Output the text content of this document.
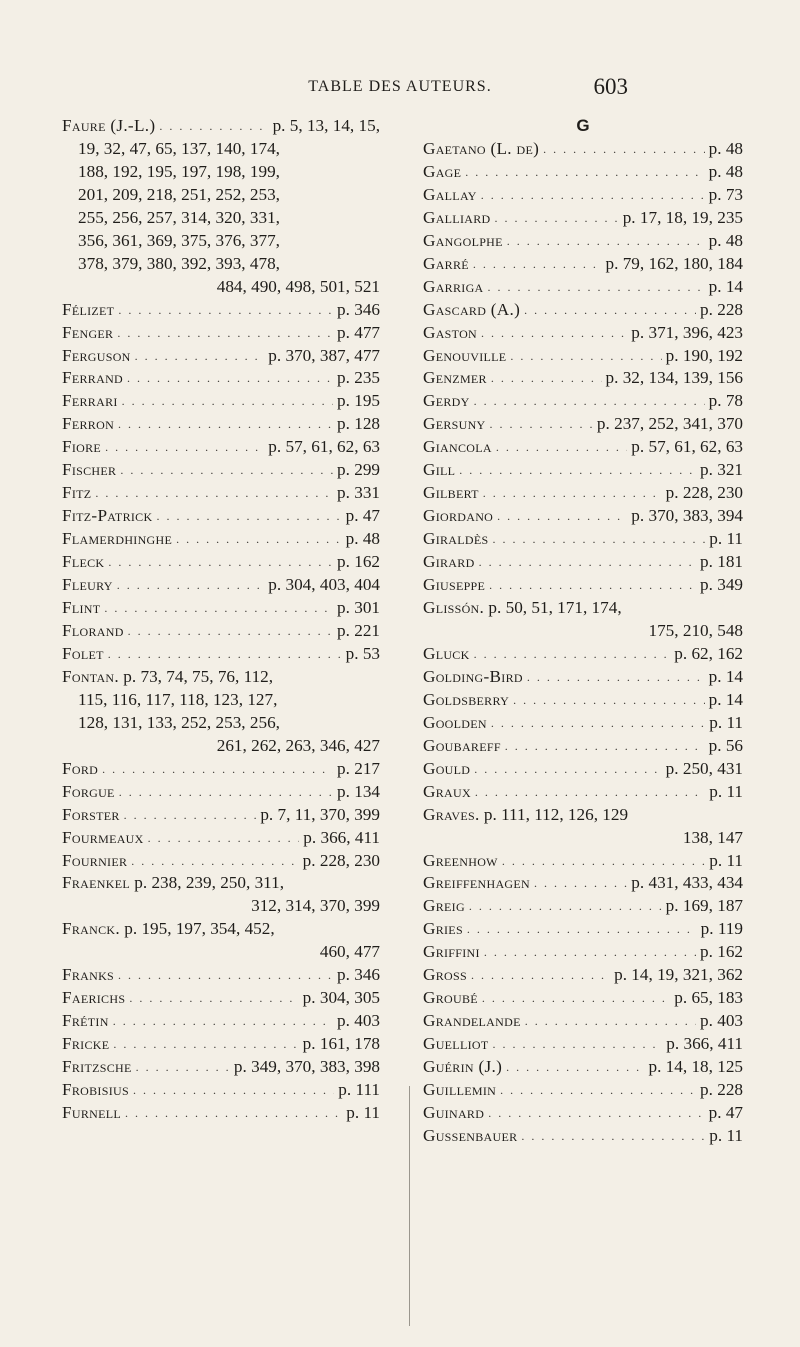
TABLE DES AUTEURS.	603
Faure (J.-L.) . . .	p. 5, 13, 14, 15,
19, 32, 47, 65, 137, 140, 174,
188, 192, 195, 197, 198, 199,
201, 209, 218, 251, 252, 253,
255, 256, 257, 314, 320, 331,
356, 361, 369, 375, 376, 377,
378, 379, 380, 392, 393, 478,
484, 490, 498, 501, 521
Félizet . . .	p. 346
Fenger . . .	p. 477
Ferguson . . .	p. 370, 387, 477
Ferrand . . .	p. 235
Ferrari . . .	p. 195
Ferron . . .	p. 128
Fiore . . .	p. 57, 61, 62, 63
Fischer . . .	p. 299
Fitz . . .	p. 331
Fitz-Patrick . . .	p. 47
Flamerdhinghe . . .	p. 48
Fleck . . .	p. 162
Fleury . . .	p. 304, 403, 404
Flint . . .	p. 301
Florand . . .	p. 221
Folet . . .	p. 53
Fontan.
p. 73, 74, 75, 76, 112,
115, 116, 117, 118, 123, 127,
128, 131, 133, 252, 253, 256,
261, 262, 263, 346, 427
Ford . . .	p. 217
Forgue . . .	p. 134
Forster . . .	p. 7, 11, 370, 399
Fourmeaux . . .	p. 366, 411
Fournier . . .	p. 228, 230
Fraenkel
p. 238, 239, 250, 311,
312, 314, 370, 399
Franck.
p. 195, 197, 354, 452,
460, 477
Franks . . .	p. 346
Faerichs . . .	p. 304, 305
Frétin . . .	p. 403
Fricke . . .	p. 161, 178
Fritzsche . . .	p. 349, 370, 383, 398
Frobisius . . .	p. 111
Furnell . . .	p. 11
G
Gaetano (L. de) . . .	p. 48
Gage . . .	p. 48
Gallay . . .	p. 73
Galliard . . .	p. 17, 18, 19, 235
Gangolphe . . .	p. 48
Garré . . .	p. 79, 162, 180, 184
Garriga . . .	p. 14
Gascard (A.) . . .	p. 228
Gaston . . .	p. 371, 396, 423
Genouville . . .	p. 190, 192
Genzmer . . .	p. 32, 134, 139, 156
Gerdy . . .	p. 78
Gersuny . . .	p. 237, 252, 341, 370
Giancola . . .	p. 57, 61, 62, 63
Gill . . .	p. 321
Gilbert . . .	p. 228, 230
Giordano . . .	p. 370, 383, 394
Giraldès . . .	p. 11
Girard . . .	p. 181
Giuseppe . . .	p. 349
Glissón.
p. 50, 51, 171, 174,
175, 210, 548
Gluck . . .	p. 62, 162
Golding-Bird . . .	p. 14
Goldsberry . . .	p. 14
Goolden . . .	p. 11
Goubareff . . .	p. 56
Gould . . .	p. 250, 431
Graux . . .	p. 11
Graves.
p. 111, 112, 126, 129
138, 147
Greenhow . . .	p. 11
Greiffenhagen . . .	p. 431, 433, 434
Greig . . .	p. 169, 187
Gries . . .	p. 119
Griffini . . .	p. 162
Gross . . .	p. 14, 19, 321, 362
Groubé . . .	p. 65, 183
Grandelande . . .	p. 403
Guelliot . . .	p. 366, 411
Guérin (J.) . . .	p. 14, 18, 125
Guillemin . . .	p. 228
Guinard . . .	p. 47
Gussenbauer . . .	p. 11
